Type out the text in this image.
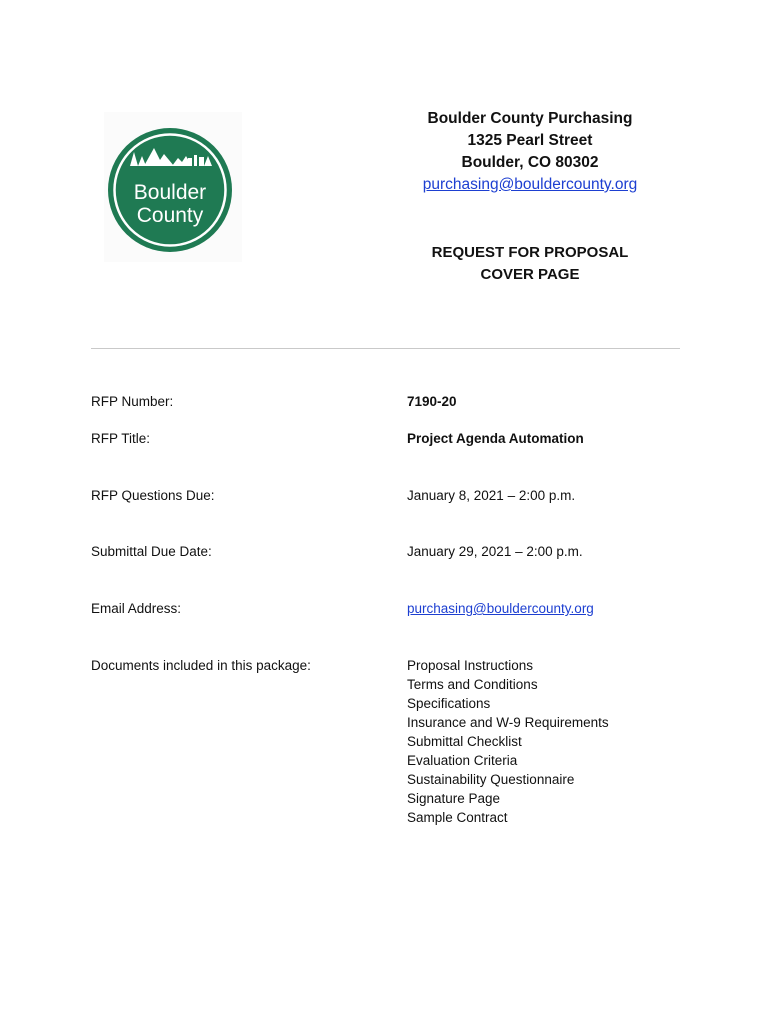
Boulder
County
Boulder County Purchasing
1325 Pearl Street
Boulder, CO 80302
purchasing@bouldercounty.org
REQUEST FOR PROPOSAL
COVER PAGE
RFP Number:	7190-20
RFP Title:	Project Agenda Automation
RFP Questions Due:	January 8, 2021 – 2:00 p.m.
Submittal Due Date:	January 29, 2021 – 2:00 p.m.
Email Address:	purchasing@bouldercounty.org
Documents included in this package:	Proposal Instructions
Terms and Conditions
Specifications
Insurance and W-9 Requirements
Submittal Checklist
Evaluation Criteria
Sustainability Questionnaire
Signature Page
Sample Contract
